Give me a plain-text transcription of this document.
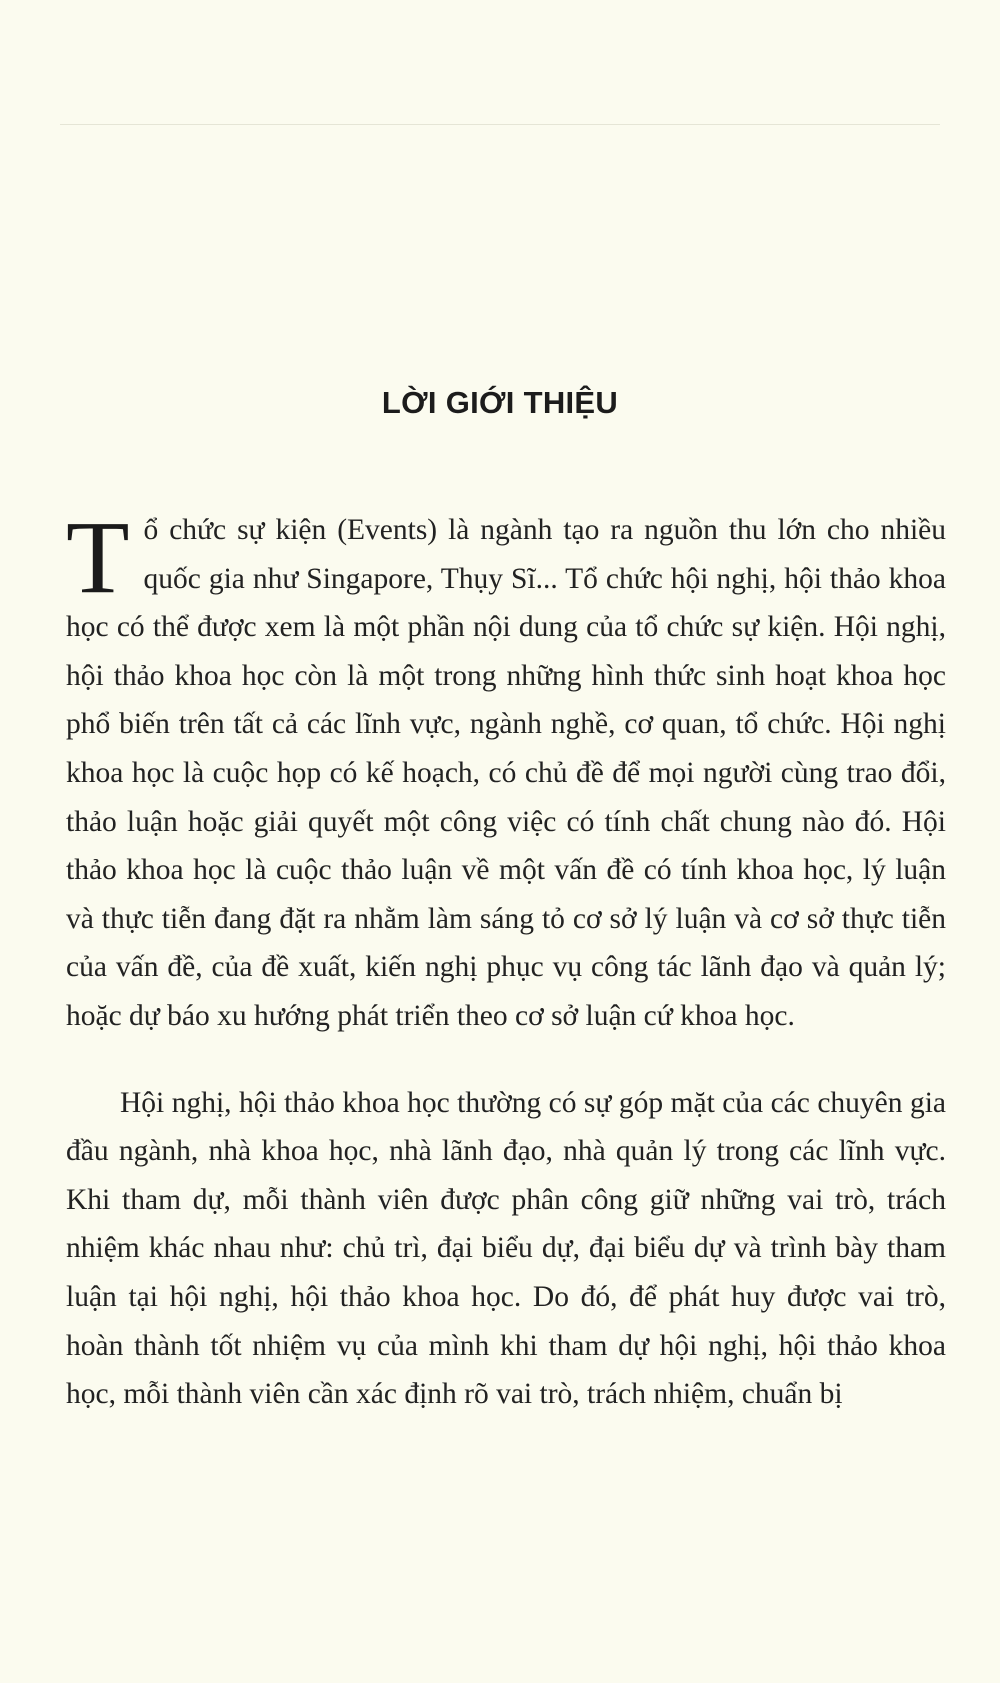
LỜI GIỚI THIỆU

Tổ chức sự kiện (Events) là ngành tạo ra nguồn thu lớn cho nhiều quốc gia như Singapore, Thụy Sĩ... Tổ chức hội nghị, hội thảo khoa học có thể được xem là một phần nội dung của tổ chức sự kiện. Hội nghị, hội thảo khoa học còn là một trong những hình thức sinh hoạt khoa học phổ biến trên tất cả các lĩnh vực, ngành nghề, cơ quan, tổ chức. Hội nghị khoa học là cuộc họp có kế hoạch, có chủ đề để mọi người cùng trao đổi, thảo luận hoặc giải quyết một công việc có tính chất chung nào đó. Hội thảo khoa học là cuộc thảo luận về một vấn đề có tính khoa học, lý luận và thực tiễn đang đặt ra nhằm làm sáng tỏ cơ sở lý luận và cơ sở thực tiễn của vấn đề, của đề xuất, kiến nghị phục vụ công tác lãnh đạo và quản lý; hoặc dự báo xu hướng phát triển theo cơ sở luận cứ khoa học.

Hội nghị, hội thảo khoa học thường có sự góp mặt của các chuyên gia đầu ngành, nhà khoa học, nhà lãnh đạo, nhà quản lý trong các lĩnh vực. Khi tham dự, mỗi thành viên được phân công giữ những vai trò, trách nhiệm khác nhau như: chủ trì, đại biểu dự, đại biểu dự và trình bày tham luận tại hội nghị, hội thảo khoa học. Do đó, để phát huy được vai trò, hoàn thành tốt nhiệm vụ của mình khi tham dự hội nghị, hội thảo khoa học, mỗi thành viên cần xác định rõ vai trò, trách nhiệm, chuẩn bị
